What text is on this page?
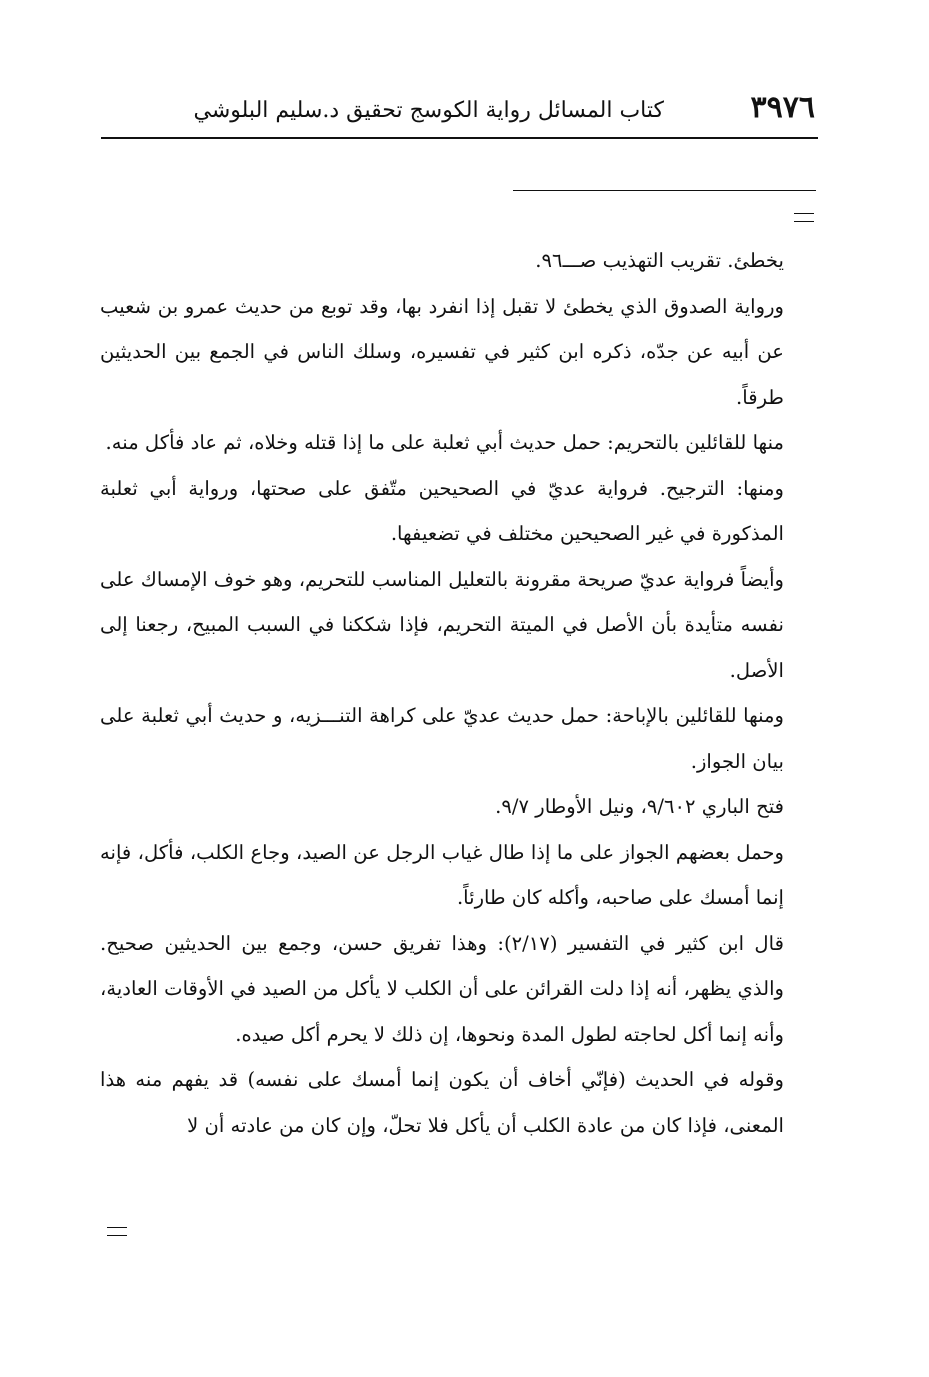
٣٩٧٦
كتاب المسائل رواية الكوسج تحقيق د.سليم البلوشي

يخطئ. تقريب التهذيب صـــ٩٦.

ورواية الصدوق الذي يخطئ لا تقبل إذا انفرد بها، وقد توبع من حديث عمرو بن شعيب عن أبيه عن جدّه، ذكره ابن كثير في تفسيره، وسلك الناس في الجمع بين الحديثين طرقاً.

منها للقائلين بالتحريم: حمل حديث أبي ثعلبة على ما إذا قتله وخلاه، ثم عاد فأكل منه.

ومنها: الترجيح. فرواية عديّ في الصحيحين متّفق على صحتها، ورواية أبي ثعلبة المذكورة في غير الصحيحين مختلف في تضعيفها.

وأيضاً فرواية عديّ صريحة مقرونة بالتعليل المناسب للتحريم، وهو خوف الإمساك على نفسه متأيدة بأن الأصل في الميتة التحريم، فإذا شككنا في السبب المبيح، رجعنا إلى الأصل.

ومنها للقائلين بالإباحة: حمل حديث عديّ على كراهة التنـــزيه، و حديث أبي ثعلبة على بيان الجواز.

فتح الباري ٩/٦٠٢، ونيل الأوطار ٩/٧.

وحمل بعضهم الجواز على ما إذا طال غياب الرجل عن الصيد، وجاع الكلب، فأكل، فإنه إنما أمسك على صاحبه، وأكله كان طارئاً.

قال ابن كثير في التفسير (٢/١٧): وهذا تفريق حسن، وجمع بين الحديثين صحيح. والذي يظهر، أنه إذا دلت القرائن على أن الكلب لا يأكل من الصيد في الأوقات العادية، وأنه إنما أكل لحاجته لطول المدة ونحوها، إن ذلك لا يحرم أكل صيده.

وقوله في الحديث (فإنّي أخاف أن يكون إنما أمسك على نفسه) قد يفهم منه هذا المعنى، فإذا كان من عادة الكلب أن يأكل فلا تحلّ، وإن كان من عادته أن لا
